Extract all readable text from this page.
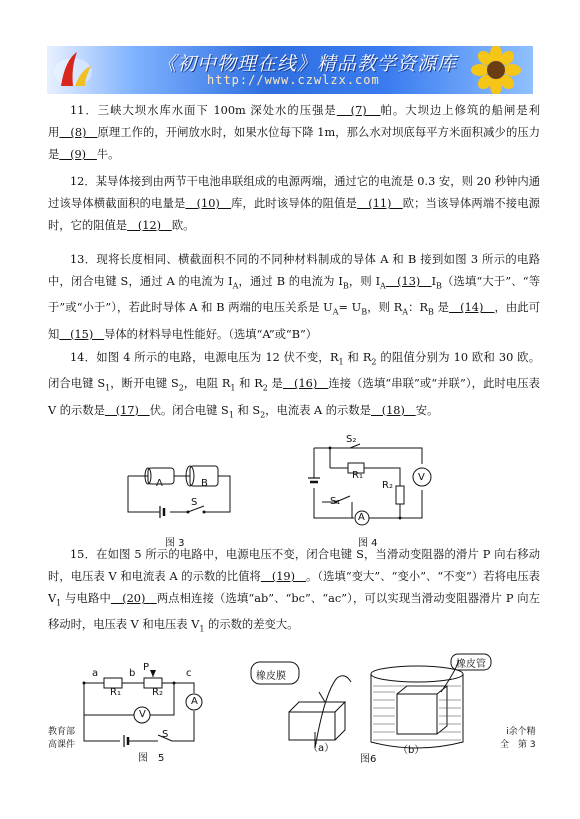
《初中物理在线》精品教学资源库
http://www.czwlzx.com

11．三峡大坝水库水面下 100m 深处水的压强是   (7)   帕。大坝边上修筑的船闸是利用   (8)   原理工作的，开闸放水时，如果水位每下降 1m，那么水对坝底每平方米面积减少的压力是   (9)   牛。

12．某导体接到由两节干电池串联组成的电源两端，通过它的电流是 0.3 安，则 20 秒钟内通过该导体横截面积的电量是   (10)   库，此时该导体的阻值是   (11)   欧；当该导体两端不接电源时，它的阻值是   (12)   欧。

13．现将长度相同、横截面积不同的不同种材料制成的导体 A 和 B 接到如图 3 所示的电路中，闭合电键 S，通过 A 的电流为 $I_A$，通过 B 的电流为 $I_B$，则 $I_A$   (13)   $I_B$（选填“大于”、“等于”或“小于”），若此时导体 A 和 B 两端的电压关系是 $U_A= U_B$，则 $R_A$：$R_B$ 是   (14)   ，由此可知   (15)   导体的材料导电性能好。（选填“A”或“B”）

14．如图 4 所示的电路，电源电压为 12 伏不变，$R_1$ 和 $R_2$ 的阻值分别为 10 欧和 30 欧。闭合电键 $S_1$，断开电键 $S_2$，电阻 $R_1$ 和 $R_2$ 是   (16)   连接（选填“串联”或“并联”），此时电压表 V 的示数是   (17)   伏。闭合电键 $S_1$ 和 $S_2$，电流表 A 的示数是   (18)   安。

A	B
S
图 3
S₂
R₁
R₂
V
S₁
A
图 4

15．在如图 5 所示的电路中，电源电压不变，闭合电键 S，当滑动变阻器的滑片 P 向右移动时，电压表 V 和电流表 A 的示数的比值将   (19)   。（选填“变大”、“变小”、“不变”）若将电压表 $V_1$ 与电路中   (20)   两点相连接（选填“ab”、“bc”、“ac”），可以实现当滑动变阻器滑片 P 向左移动时，电压表 V 和电压表 $V_1$ 的示数的差变大。

a	b
P
c
R₁	R₂
A
V
S
图　5
橡皮膜
橡皮管
（a）	（b）
图6
教育部
高课件
i余个精
全　第 3
